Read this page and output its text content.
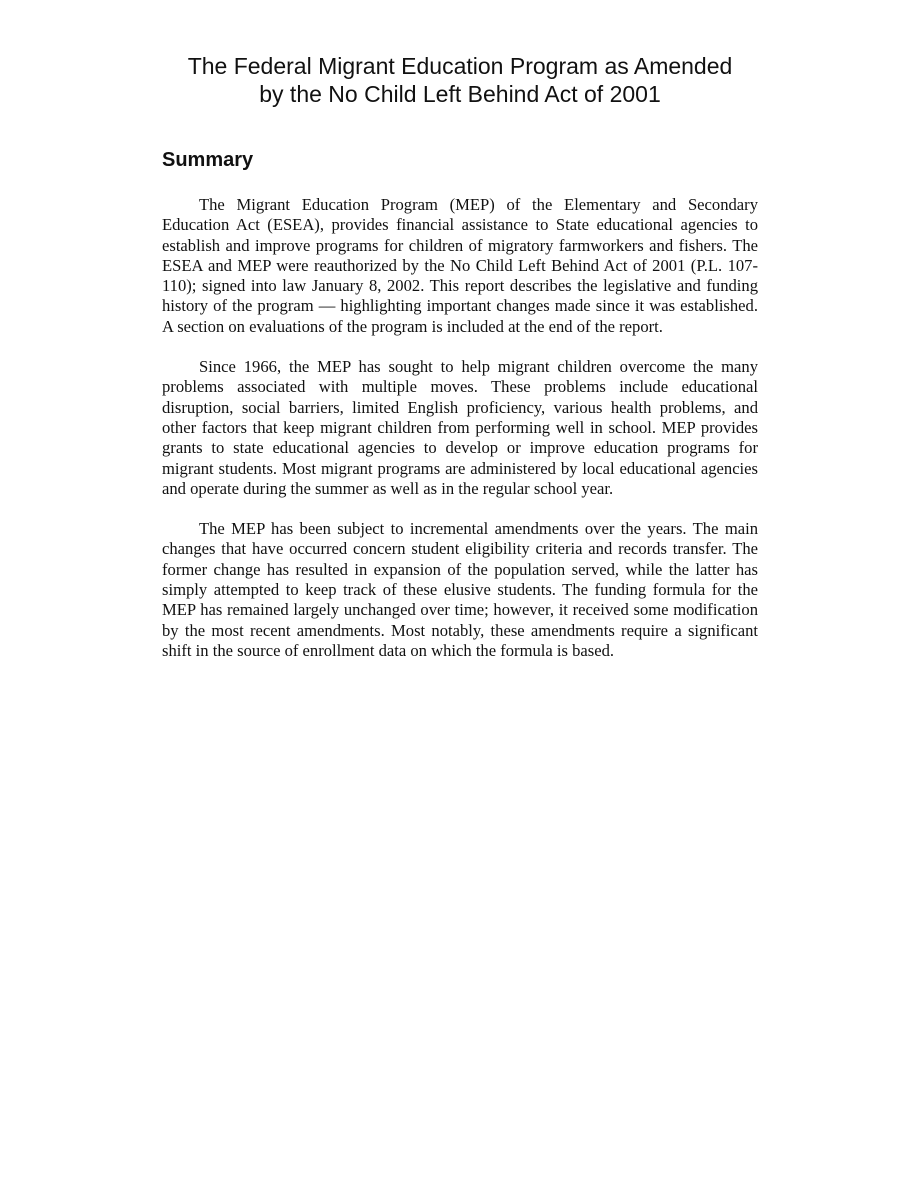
The Federal Migrant Education Program as Amended
by the No Child Left Behind Act of 2001
Summary

The Migrant Education Program (MEP) of the Elementary and Secondary Education Act (ESEA), provides financial assistance to State educational agencies to establish and improve programs for children of migratory farmworkers and fishers. The ESEA and MEP were reauthorized by the No Child Left Behind Act of 2001 (P.L. 107-110); signed into law January 8, 2002. This report describes the legislative and funding history of the program — highlighting important changes made since it was established. A section on evaluations of the program is included at the end of the report.

Since 1966, the MEP has sought to help migrant children overcome the many problems associated with multiple moves. These problems include educational disruption, social barriers, limited English proficiency, various health problems, and other factors that keep migrant children from performing well in school. MEP provides grants to state educational agencies to develop or improve education programs for migrant students. Most migrant programs are administered by local educational agencies and operate during the summer as well as in the regular school year.

The MEP has been subject to incremental amendments over the years. The main changes that have occurred concern student eligibility criteria and records transfer. The former change has resulted in expansion of the population served, while the latter has simply attempted to keep track of these elusive students. The funding formula for the MEP has remained largely unchanged over time; however, it received some modification by the most recent amendments. Most notably, these amendments require a significant shift in the source of enrollment data on which the formula is based.
